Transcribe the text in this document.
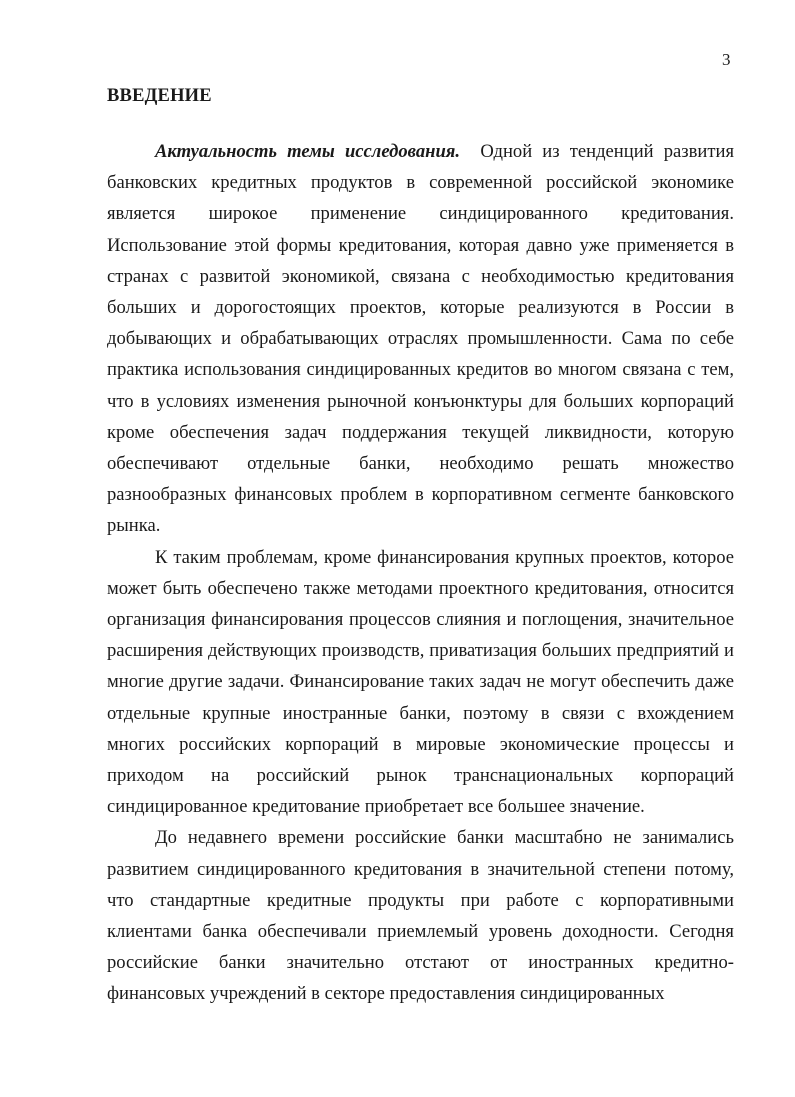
3
ВВЕДЕНИЕ

Актуальность темы исследования. Одной из тенденций развития банковских кредитных продуктов в современной российской экономике является широкое применение синдицированного кредитования. Использование этой формы кредитования, которая давно уже применяется в странах с развитой экономикой, связана с необходимостью кредитования больших и дорогостоящих проектов, которые реализуются в России в добывающих и обрабатывающих отраслях промышленности. Сама по себе практика использования синдицированных кредитов во многом связана с тем, что в условиях изменения рыночной конъюнктуры для больших корпораций кроме обеспечения задач поддержания текущей ликвидности, которую обеспечивают отдельные банки, необходимо решать множество разнообразных финансовых проблем в корпоративном сегменте банковского рынка.

К таким проблемам, кроме финансирования крупных проектов, которое может быть обеспечено также методами проектного кредитования, относится организация финансирования процессов слияния и поглощения, значительное расширения действующих производств, приватизация больших предприятий и многие другие задачи. Финансирование таких задач не могут обеспечить даже отдельные крупные иностранные банки, поэтому в связи с вхождением многих российских корпораций в мировые экономические процессы и приходом на российский рынок транснациональных корпораций синдицированное кредитование приобретает все большее значение.

До недавнего времени российские банки масштабно не занимались развитием синдицированного кредитования в значительной степени потому, что стандартные кредитные продукты при работе с корпоративными клиентами банка обеспечивали приемлемый уровень доходности. Сегодня российские банки значительно отстают от иностранных кредитно-финансовых учреждений в секторе предоставления синдицированных
